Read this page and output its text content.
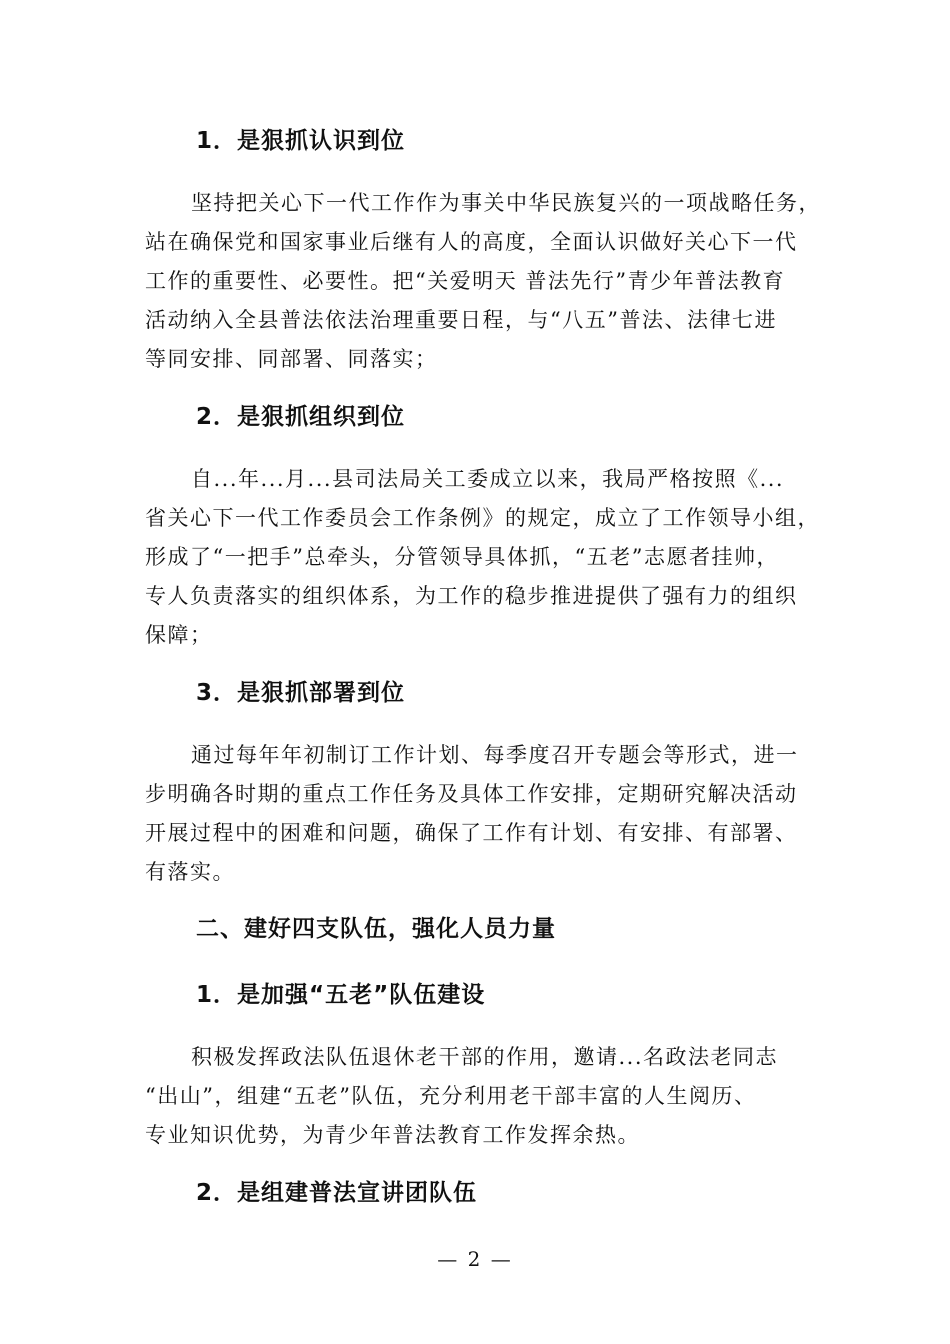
1．是狠抓认识到位
坚持把关心下一代工作作为事关中华民族复兴的一项战略任务，
站在确保党和国家事业后继有人的高度，全面认识做好关心下一代
工作的重要性、必要性。把“关爱明天 普法先行”青少年普法教育
活动纳入全县普法依法治理重要日程，与“八五”普法、法律七进
等同安排、同部署、同落实；
2．是狠抓组织到位
自...年...月...县司法局关工委成立以来，我局严格按照《...
省关心下一代工作委员会工作条例》的规定，成立了工作领导小组，
形成了“一把手”总牵头，分管领导具体抓，“五老”志愿者挂帅，
专人负责落实的组织体系，为工作的稳步推进提供了强有力的组织
保障；
3．是狠抓部署到位
通过每年年初制订工作计划、每季度召开专题会等形式，进一
步明确各时期的重点工作任务及具体工作安排，定期研究解决活动
开展过程中的困难和问题，确保了工作有计划、有安排、有部署、
有落实。
二、建好四支队伍，强化人员力量
1．是加强“五老”队伍建设
积极发挥政法队伍退休老干部的作用，邀请...名政法老同志
“出山”，组建“五老”队伍，充分利用老干部丰富的人生阅历、
专业知识优势，为青少年普法教育工作发挥余热。
2．是组建普法宣讲团队伍
— 2 —
